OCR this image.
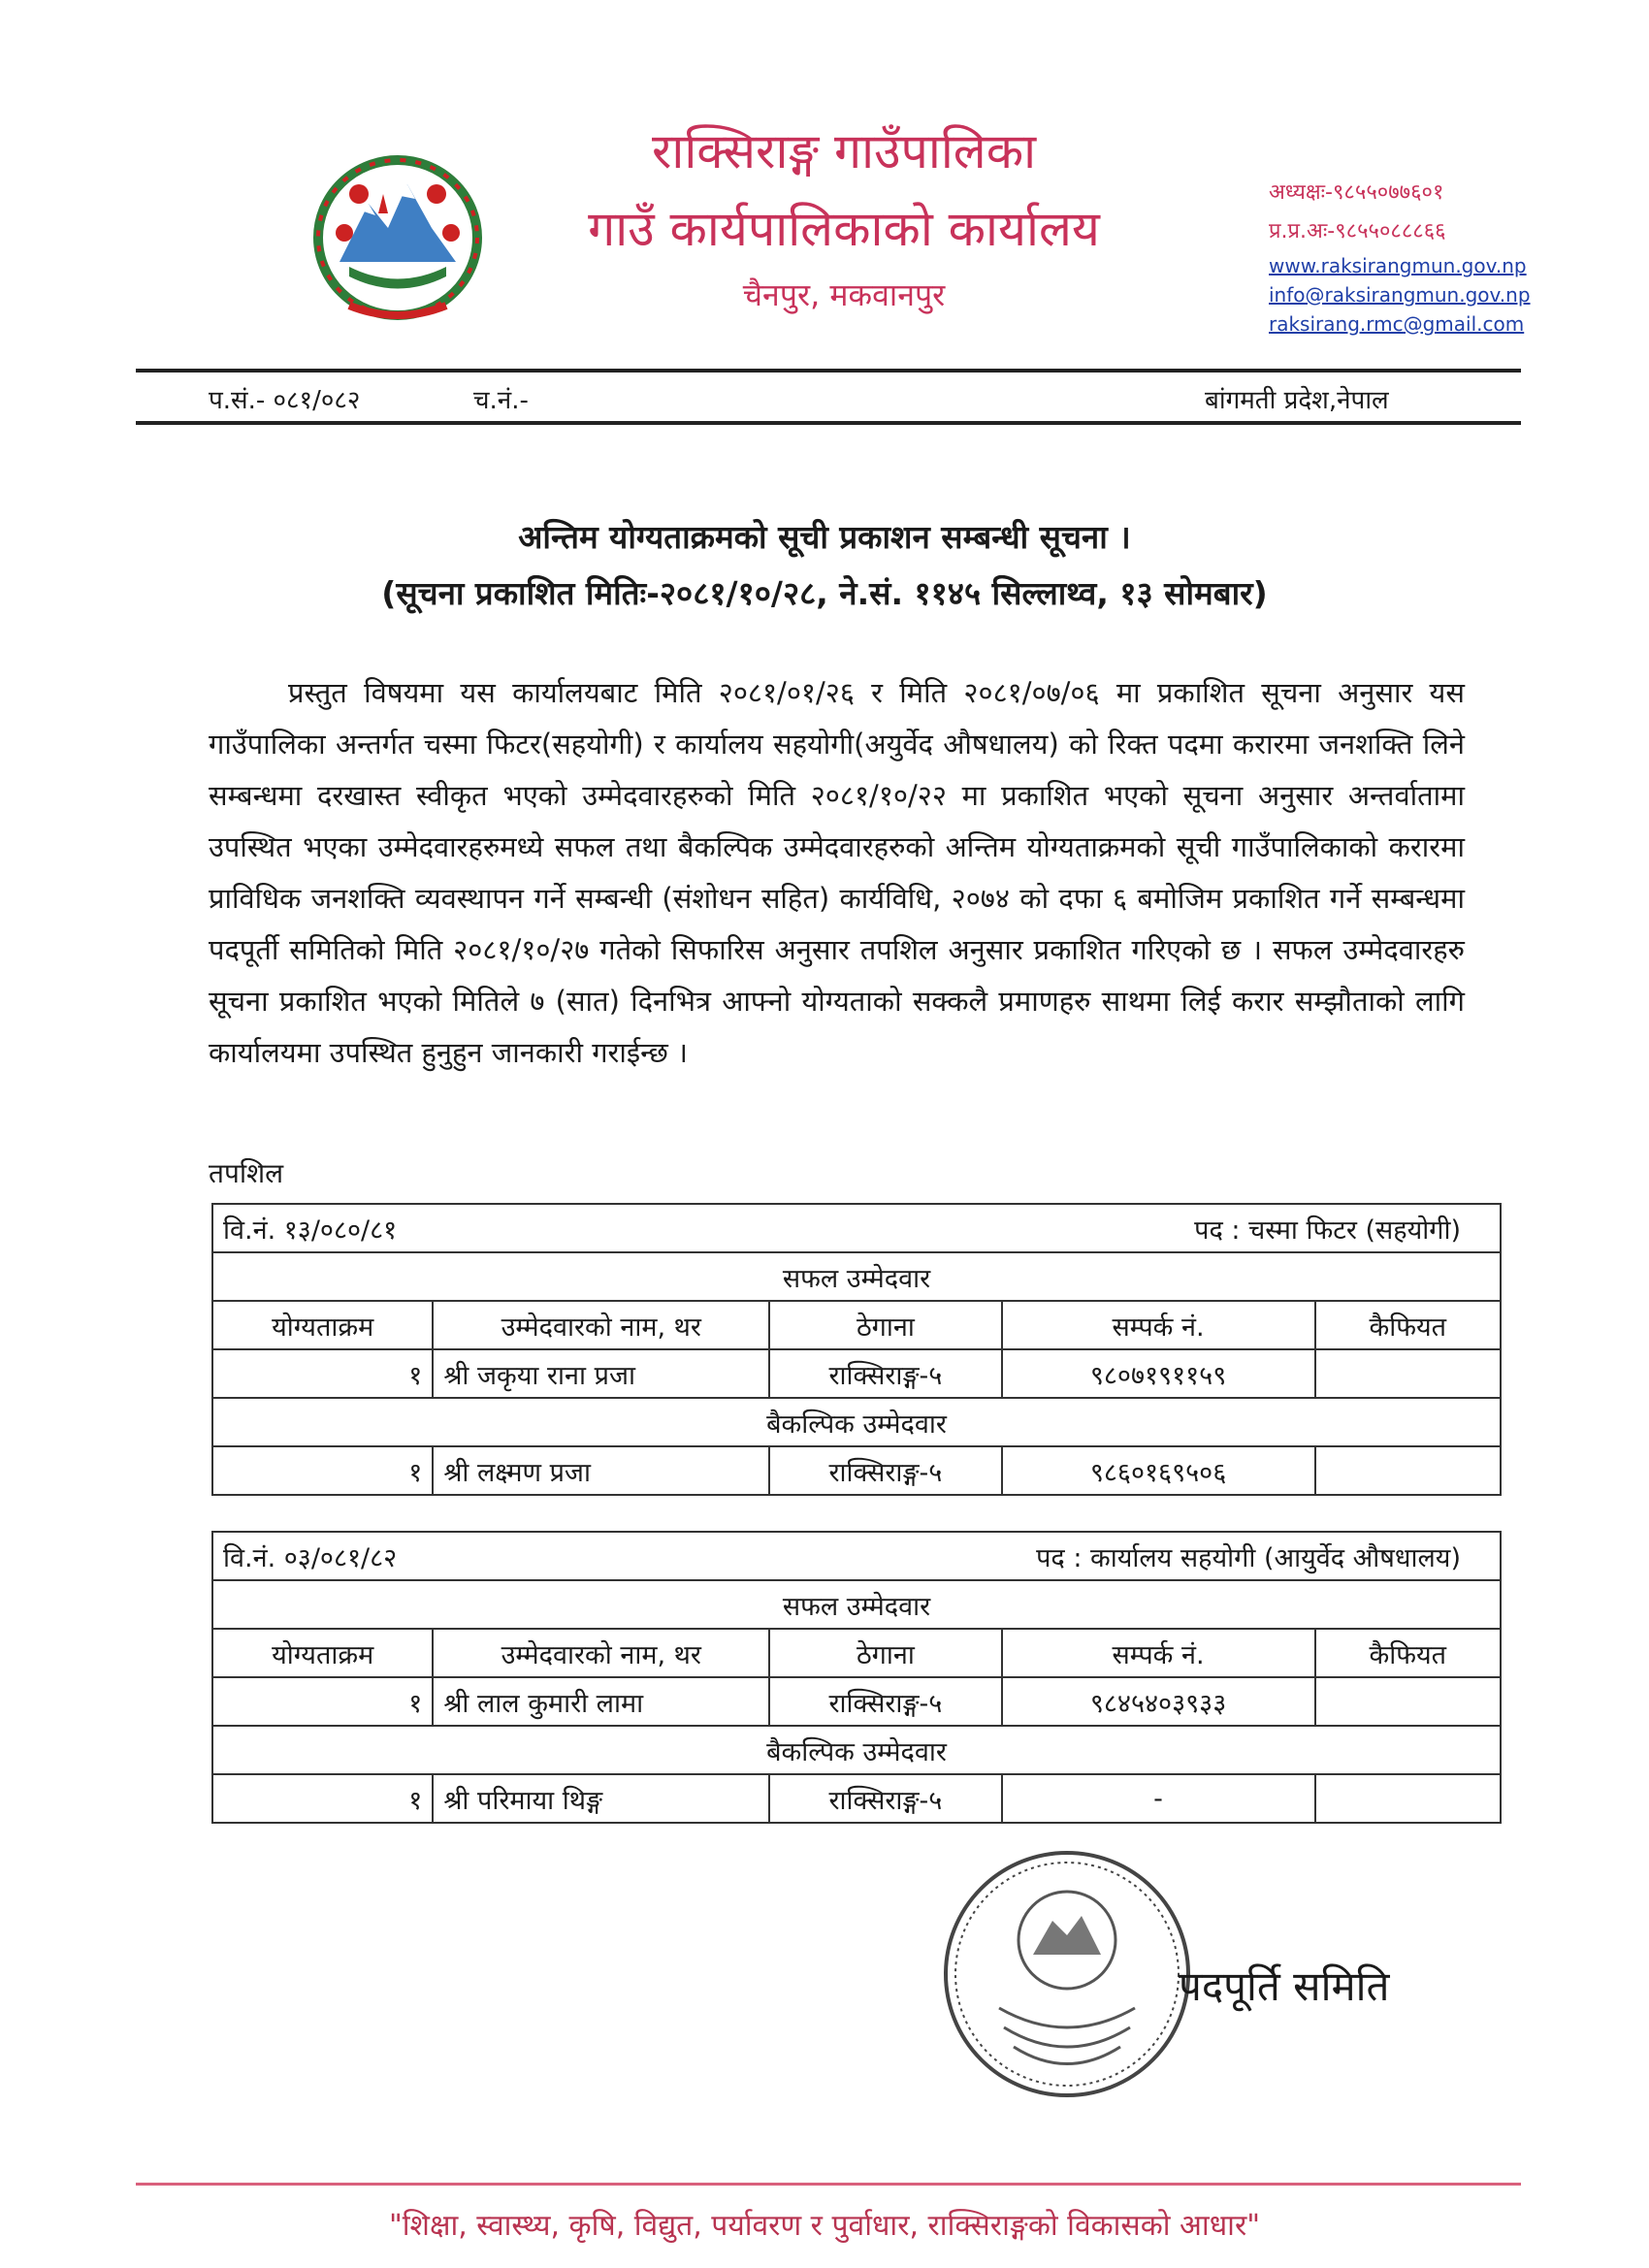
राक्सिराङ्ग गाउँपालिका
गाउँ कार्यपालिकाको कार्यालय
चैनपुर, मकवानपुर
अध्यक्षः-९८५५०७७६०१
प्र.प्र.अः-९८५५०८८८६६
www.raksirangmun.gov.np
info@raksirangmun.gov.np
raksirang.rmc@gmail.com
प.सं.- ०८१/०८२	च.नं.-	बांगमती प्रदेश,नेपाल
अन्तिम योग्यताक्रमको सूची प्रकाशन सम्बन्धी सूचना ।
(सूचना प्रकाशित मितिः-२०८१/१०/२८, ने.सं. ११४५ सिल्लाथ्व, १३ सोमबार)

प्रस्तुत विषयमा यस कार्यालयबाट मिति २०८१/०१/२६ र मिति २०८१/०७/०६ मा प्रकाशित सूचना अनुसार यस गाउँपालिका अन्तर्गत चस्मा फिटर(सहयोगी) र कार्यालय सहयोगी(अयुर्वेद औषधालय) को रिक्त पदमा करारमा जनशक्ति लिने सम्बन्धमा दरखास्त स्वीकृत भएको उम्मेदवारहरुको मिति २०८१/१०/२२ मा प्रकाशित भएको सूचना अनुसार अन्तर्वातामा उपस्थित भएका उम्मेदवारहरुमध्ये सफल तथा बैकल्पिक उम्मेदवारहरुको अन्तिम योग्यताक्रमको सूची गाउँपालिकाको करारमा प्राविधिक जनशक्ति व्यवस्थापन गर्ने सम्बन्धी (संशोधन सहित) कार्यविधि, २०७४ को दफा ६ बमोजिम प्रकाशित गर्ने सम्बन्धमा पदपूर्ती समितिको मिति २०८१/१०/२७ गतेको सिफारिस अनुसार तपशिल अनुसार प्रकाशित गरिएको छ । सफल उम्मेदवारहरु सूचना प्रकाशित भएको मितिले ७ (सात) दिनभित्र आफ्नो योग्यताको सक्कलै प्रमाणहरु साथमा लिई करार सम्झौताको लागि कार्यालयमा उपस्थित हुनुहुन जानकारी गराईन्छ ।

तपशिल
वि.नं. १३/०८०/८१ पद : चस्मा फिटर (सहयोगी)				

सफल उम्मेदवार				
योग्यताक्रम	उम्मेदवारको नाम, थर	ठेगाना	सम्पर्क नं.	कैफियत
१	श्री जकृया राना प्रजा	राक्सिराङ्ग-५	९८०७१९११५९	
बैकल्पिक उम्मेदवार				
१	श्री लक्ष्मण प्रजा	राक्सिराङ्ग-५	९८६०१६९५०६	
वि.नं. ०३/०८१/८२ पद : कार्यालय सहयोगी (आयुर्वेद औषधालय)				

सफल उम्मेदवार				
योग्यताक्रम	उम्मेदवारको नाम, थर	ठेगाना	सम्पर्क नं.	कैफियत
१	श्री लाल कुमारी लामा	राक्सिराङ्ग-५	९८४५४०३९३३	
बैकल्पिक उम्मेदवार				
१	श्री परिमाया थिङ्ग	राक्सिराङ्ग-५	-	
पदपूर्ति समिति
"शिक्षा, स्वास्थ्य, कृषि, विद्युत, पर्यावरण र पुर्वाधार, राक्सिराङ्गको विकासको आधार"
